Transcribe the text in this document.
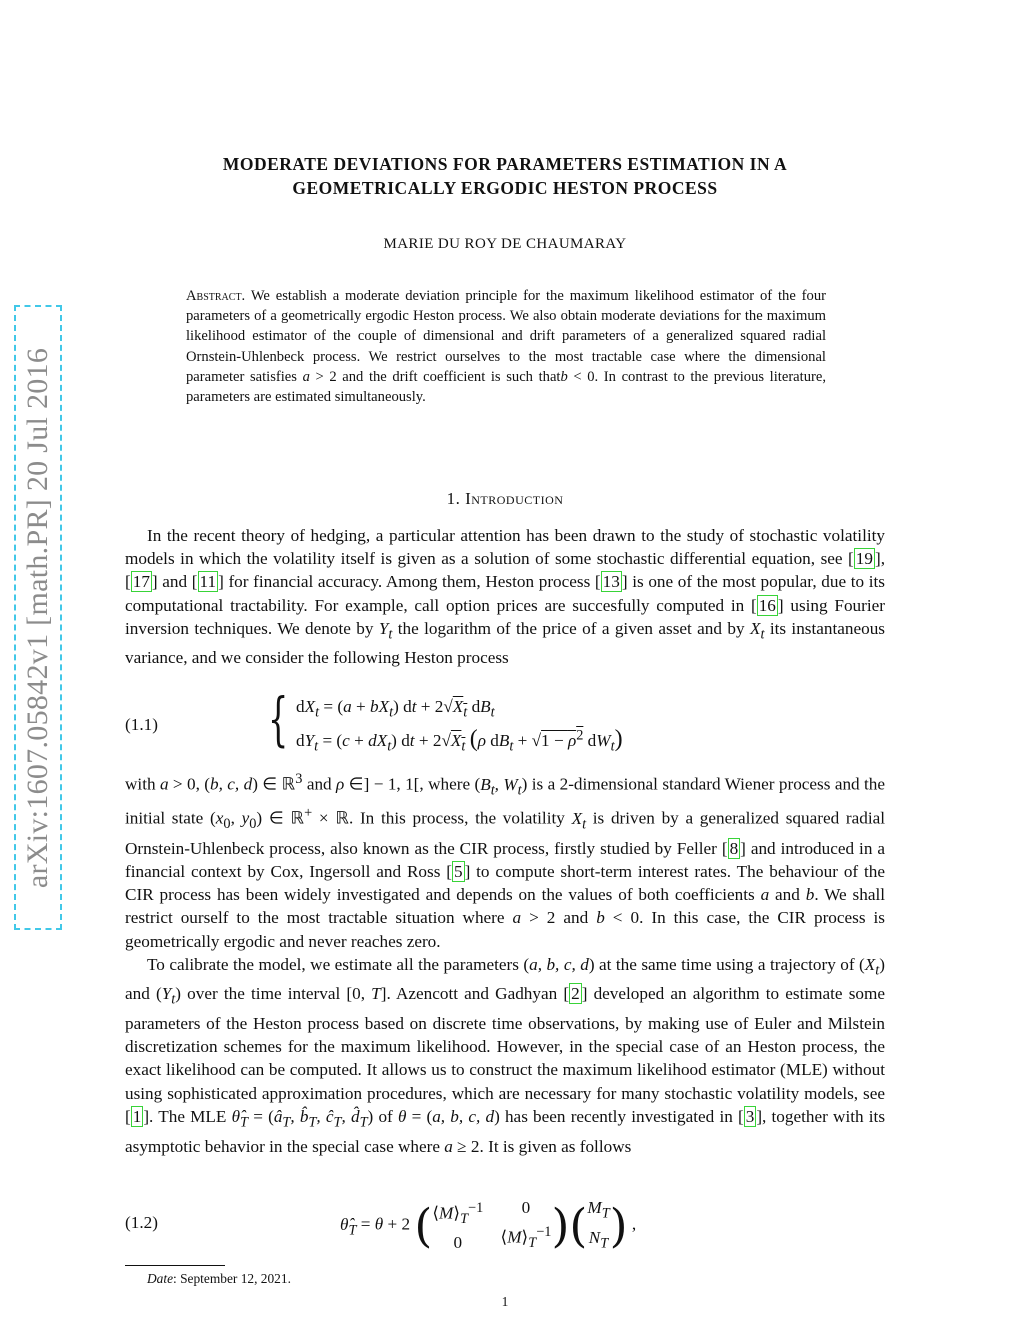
arXiv:1607.05842v1 [math.PR] 20 Jul 2016
MODERATE DEVIATIONS FOR PARAMETERS ESTIMATION IN A
GEOMETRICALLY ERGODIC HESTON PROCESS
MARIE DU ROY DE CHAUMARAY
Abstract. We establish a moderate deviation principle for the maximum likelihood estimator of the four parameters of a geometrically ergodic Heston process. We also obtain moderate deviations for the maximum likelihood estimator of the couple of dimensional and drift parameters of a generalized squared radial Ornstein-Uhlenbeck process. We restrict ourselves to the most tractable case where the dimensional parameter satisfies a > 2 and the drift coefficient is such thatb < 0. In contrast to the previous literature, parameters are estimated simultaneously.
1. Introduction

In the recent theory of hedging, a particular attention has been drawn to the study of stochastic volatility models in which the volatility itself is given as a solution of some stochastic differential equation, see [ 19 ], [ 17 ] and [ 11 ] for financial accuracy. Among them, Heston process [ 13 ] is one of the most popular, due to its computational tractability. For example, call option prices are succesfully computed in [ 16 ] using Fourier inversion techniques. We denote by $Y_t$ the logarithm of the price of a given asset and by $X_t$ its instantaneous variance, and we consider the following Heston process

(1.1) { $dX_t = (a + bX_t)$ dt + $2√X_t$ $dB_t$
$dY_t = (c + dX_t)$ dt + $2√X_t$ (ρ $dB_t + √1 - \rho^2$ $dW_t$)

with a > 0, (b, c, d) ∈ ℝ$^3$ and ρ ∈] − 1, 1[, where ($B_t$, $W_t$) is a 2-dimensional standard Wiener process and the initial state ($x_0$, $y_0$) ∈ ℝ+ × ℝ. In this process, the volatility $X_t$ is driven by a generalized squared radial Ornstein-Uhlenbeck process, also known as the CIR process, firstly studied by Feller [ 8 ] and introduced in a financial context by Cox, Ingersoll and Ross [ 5 ] to compute short-term interest rates. The behaviour of the CIR process has been widely investigated and depends on the values of both coefficients a and b. We shall restrict ourself to the most tractable situation where a > 2 and b < 0. In this case, the CIR process is geometrically ergodic and never reaches zero.

To calibrate the model, we estimate all the parameters (a, b, c, d) at the same time using a trajectory of $(X_t)$ and $(Y_t)$ over the time interval [0, T]. Azencott and Gadhyan [ 2 ] developed an algorithm to estimate some parameters of the Heston process based on discrete time observations, by making use of Euler and Milstein discretization schemes for the maximum likelihood. However, in the special case of an Heston process, the exact likelihood can be computed. It allows us to construct the maximum likelihood estimator (MLE) without using sophisticated approximation procedures, which are necessary for many stochastic volatility models, see [ 1 ]. The MLE $\thetâ_T$ = ($â_T$, $b̂_T$, $ĉ_T$, $d̂_T$) of θ = (a, b, c, d) has been recently investigated in [ 3 ], together with its asymptotic behavior in the special case where a ≥ 2. It is given as follows

(1.2)	$\thetâ_T = \theta + 2$ ($⟨M⟩_T^{-1}$
0    0
$⟨M⟩_T^{-1})(M_T$
$N_T$) ,
Date: September 12, 2021.
1
